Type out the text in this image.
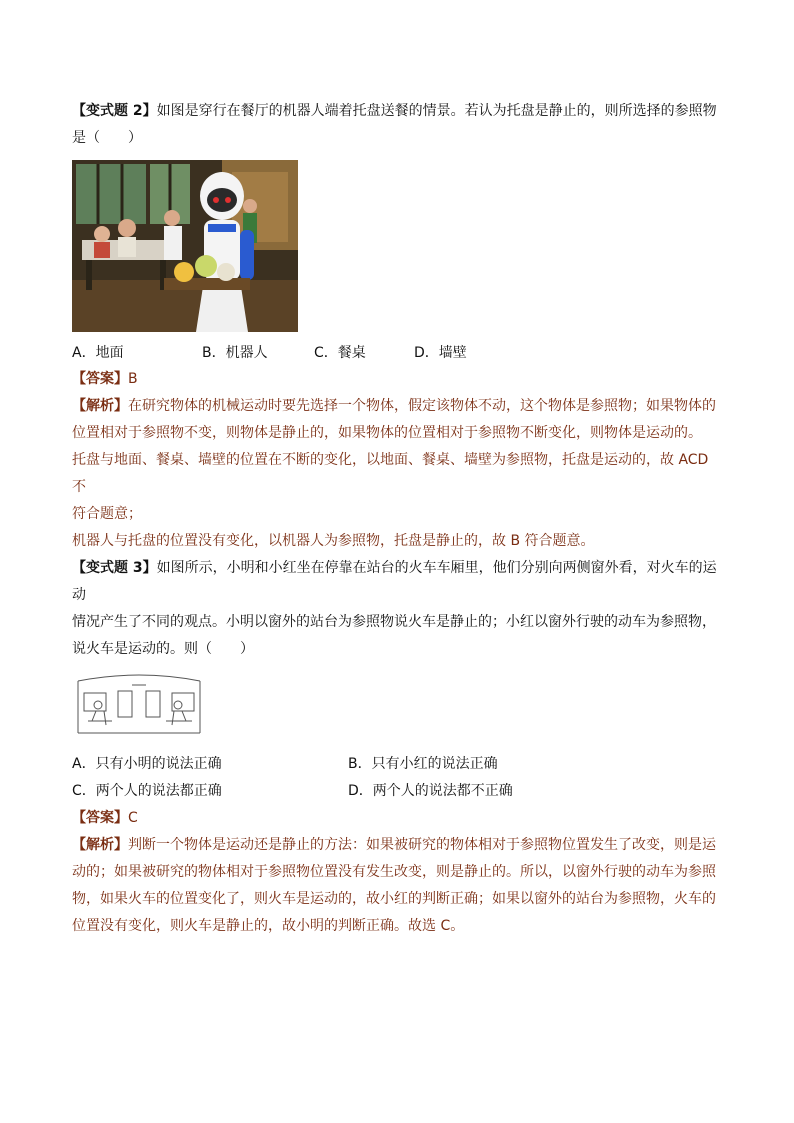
【变式题 2】如图是穿行在餐厅的机器人端着托盘送餐的情景。若认为托盘是静止的，则所选择的参照物

是（　　）

A．地面	B．机器人	C．餐桌	D．墙壁

【答案】B

【解析】在研究物体的机械运动时要先选择一个物体，假定该物体不动，这个物体是参照物；如果物体的

位置相对于参照物不变，则物体是静止的，如果物体的位置相对于参照物不断变化，则物体是运动的。

托盘与地面、餐桌、墙壁的位置在不断的变化，以地面、餐桌、墙壁为参照物，托盘是运动的，故 ACD 不

符合题意；

机器人与托盘的位置没有变化，以机器人为参照物，托盘是静止的，故 B 符合题意。

【变式题 3】如图所示，小明和小红坐在停靠在站台的火车车厢里，他们分别向两侧窗外看，对火车的运动

情况产生了不同的观点。小明以窗外的站台为参照物说火车是静止的；小红以窗外行驶的动车为参照物，

说火车是运动的。则（　　）

A．只有小明的说法正确	B．只有小红的说法正确
C．两个人的说法都正确	D．两个人的说法都不正确

【答案】C

【解析】判断一个物体是运动还是静止的方法：如果被研究的物体相对于参照物位置发生了改变，则是运

动的；如果被研究的物体相对于参照物位置没有发生改变，则是静止的。所以，以窗外行驶的动车为参照

物，如果火车的位置变化了，则火车是运动的，故小红的判断正确；如果以窗外的站台为参照物，火车的

位置没有变化，则火车是静止的，故小明的判断正确。故选 C。
